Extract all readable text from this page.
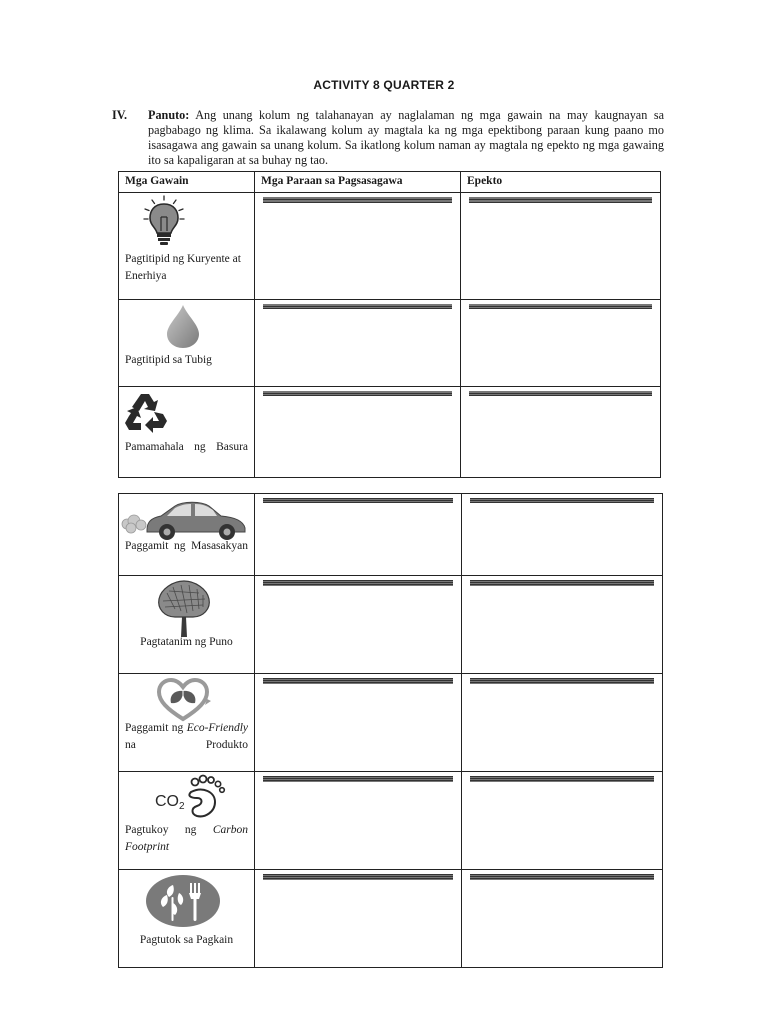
ACTIVITY 8 QUARTER 2
IV. Panuto: Ang unang kolum ng talahanayan ay naglalaman ng mga gawain na may kaugnayan sa pagbabago ng klima. Sa ikalawang kolum ay magtala ka ng mga epektibong paraan kung paano mo isasagawa ang gawain sa unang kolum. Sa ikatlong kolum naman ay magtala ng epekto ng mga gawaing ito sa kapaligaran at sa buhay ng tao.
Mga Gawain	Mga Paraan sa Pagsasagawa	Epekto

Pagtitipid ng Kuryente at Enerhiya		

Pagtitipid sa Tubig		

Pamamahala ng Basura		

Paggamit ng Masasakyan		

Pagtatanim ng Puno		

Paggamit ng Eco-Friendly na Produkto		

CO 2
Pagtukoy ng Carbon Footprint		

Pagtutok sa Pagkain		
